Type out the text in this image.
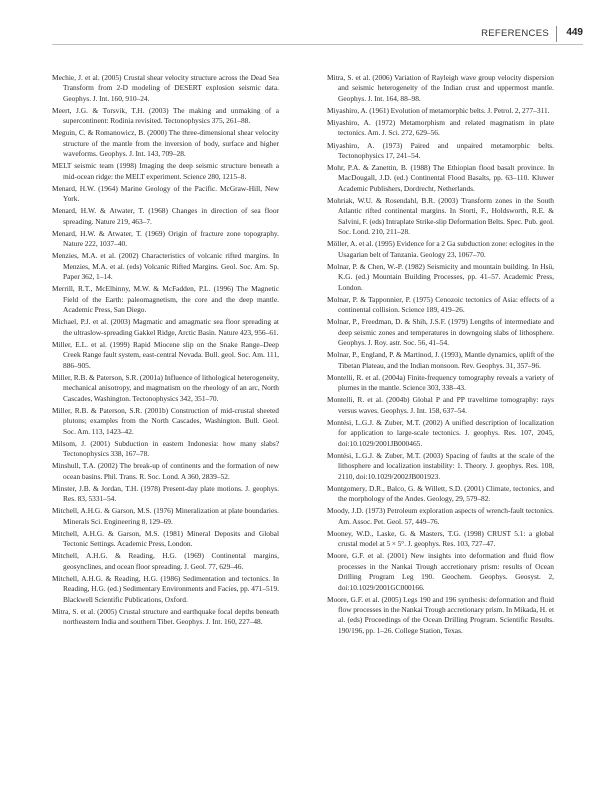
REFERENCES 449

Mechie, J. et al. (2005) Crustal shear velocity structure across the Dead Sea Transform from 2-D modeling of DESERT explosion seismic data. Geophys. J. Int. 160, 910–24.

Meert, J.G. & Torsvik, T.H. (2003) The making and unmaking of a supercontinent: Rodinia revisited. Tectonophysics 375, 261–88.

Meguin, C. & Romanowicz, B. (2000) The three-dimensional shear velocity structure of the mantle from the inversion of body, surface and higher waveforms. Geophys. J. Int. 143, 709–28.

MELT seismic team (1998) Imaging the deep seismic structure beneath a mid-ocean ridge: the MELT experiment. Science 280, 1215–8.

Menard, H.W. (1964) Marine Geology of the Pacific. McGraw-Hill, New York.

Menard, H.W. & Atwater, T. (1968) Changes in direction of sea floor spreading. Nature 219, 463–7.

Menard, H.W. & Atwater, T. (1969) Origin of fracture zone topography. Nature 222, 1037–40.

Menzies, M.A. et al. (2002) Characteristics of volcanic rifted margins. In Menzies, M.A. et al. (eds) Volcanic Rifted Margins. Geol. Soc. Am. Sp. Paper 362, 1–14.

Merrill, R.T., McElhinny, M.W. & McFadden, P.L. (1996) The Magnetic Field of the Earth: paleomagnetism, the core and the deep mantle. Academic Press, San Diego.

Michael, P.J. et al. (2003) Magmatic and amagmatic sea floor spreading at the ultraslow-spreading Gakkel Ridge, Arctic Basin. Nature 423, 956–61.

Miller, E.L. et al. (1999) Rapid Miocene slip on the Snake Range–Deep Creek Range fault system, east-central Nevada. Bull. geol. Soc. Am. 111, 886–905.

Miller, R.B. & Paterson, S.R. (2001a) Influence of lithological heterogeneity, mechanical anisotropy, and magmatism on the rheology of an arc, North Cascades, Washington. Tectonophysics 342, 351–70.

Miller, R.B. & Paterson, S.R. (2001b) Construction of mid-crustal sheeted plutons; examples from the North Cascades, Washington. Bull. Geol. Soc. Am. 113, 1423–42.

Milsom, J. (2001) Subduction in eastern Indonesia: how many slabs? Tectonophysics 338, 167–78.

Minshull, T.A. (2002) The break-up of continents and the formation of new ocean basins. Phil. Trans. R. Soc. Lond. A 360, 2839–52.

Minster, J.B. & Jordan, T.H. (1978) Present-day plate motions. J. geophys. Res. 83, 5331–54.

Mitchell, A.H.G. & Garson, M.S. (1976) Mineralization at plate boundaries. Minerals Sci. Engineering 8, 129–69.

Mitchell, A.H.G. & Garson, M.S. (1981) Mineral Deposits and Global Tectonic Settings. Academic Press, London.

Mitchell, A.H.G. & Reading, H.G. (1969) Continental margins, geosynclines, and ocean floor spreading. J. Geol. 77, 629–46.

Mitchell, A.H.G. & Reading, H.G. (1986) Sedimentation and tectonics. In Reading, H.G. (ed.) Sedimentary Environments and Facies, pp. 471–519. Blackwell Scientific Publications, Oxford.

Mitra, S. et al. (2005) Crustal structure and earthquake focal depths beneath northeastern India and southern Tibet. Geophys. J. Int. 160, 227–48.

Mitra, S. et al. (2006) Variation of Rayleigh wave group velocity dispersion and seismic heterogeneity of the Indian crust and uppermost mantle. Geophys. J. Int. 164, 88–98.

Miyashiro, A. (1961) Evolution of metamorphic belts. J. Petrol. 2, 277–311.

Miyashiro, A. (1972) Metamorphism and related magmatism in plate tectonics. Am. J. Sci. 272, 629–56.

Miyashiro, A. (1973) Paired and unpaired metamorphic belts. Tectonophysics 17, 241–54.

Mohr, P.A. & Zanettin, B. (1988) The Ethiopian flood basalt province. In MacDougall, J.D. (ed.) Continental Flood Basalts, pp. 63–110. Kluwer Academic Publishers, Dordrecht, Netherlands.

Mohriak, W.U. & Rosendahl, B.R. (2003) Transform zones in the South Atlantic rifted continental margins. In Storti, F., Holdsworth, R.E. & Salvini, F. (eds) Intraplate Strike-slip Deformation Belts. Spec. Pub. geol. Soc. Lond. 210, 211–28.

Möller, A. et al. (1995) Evidence for a 2 Ga subduction zone: eclogites in the Usagarian belt of Tanzania. Geology 23, 1067–70.

Molnar, P. & Chen, W.-P. (1982) Seismicity and mountain building. In Hsü, K.G. (ed.) Mountain Building Processes, pp. 41–57. Academic Press, London.

Molnar, P. & Tapponnier, P. (1975) Cenozoic tectonics of Asia: effects of a continental collision. Science 189, 419–26.

Molnar, P., Freedman, D. & Shih, J.S.F. (1979) Lengths of intermediate and deep seismic zones and temperatures in downgoing slabs of lithosphere. Geophys. J. Roy. astr. Soc. 56, 41–54.

Molnar, P., England, P. & Martinod, J. (1993), Mantle dynamics, uplift of the Tibetan Plateau, and the Indian monsoon. Rev. Geophys. 31, 357–96.

Montelli, R. et al. (2004a) Finite-frequency tomography reveals a variety of plumes in the mantle. Science 303, 338–43.

Montelli, R. et al. (2004b) Global P and PP traveltime tomography: rays versus waves. Geophys. J. Int. 158, 637–54.

Montési, L.G.J. & Zuber, M.T. (2002) A unified description of localization for application to large-scale tectonics. J. geophys. Res. 107, 2045, doi:10.1029/2001JB000465.

Montési, L.G.J. & Zuber, M.T. (2003) Spacing of faults at the scale of the lithosphere and localization instability: 1. Theory. J. geophys. Res. 108, 2110, doi:10.1029/2002JB001923.

Montgomery, D.R., Balco, G. & Willett, S.D. (2001) Climate, tectonics, and the morphology of the Andes. Geology, 29, 579–82.

Moody, J.D. (1973) Petroleum exploration aspects of wrench-fault tectonics. Am. Assoc. Pet. Geol. 57, 449–76.

Mooney, W.D., Laske, G. & Masters, T.G. (1998) CRUST 5.1: a global crustal model at 5 × 5°. J. geophys. Res. 103, 727–47.

Moore, G.F. et al. (2001) New insights into deformation and fluid flow processes in the Nankai Trough accretionary prism: results of Ocean Drilling Program Leg 190. Geochem. Geophys. Geosyst. 2, doi:10.1029/2001GC000166.

Moore, G.F. et al. (2005) Legs 190 and 196 synthesis: deformation and fluid flow processes in the Nankai Trough accretionary prism. In Mikada, H. et al. (eds) Proceedings of the Ocean Drilling Program. Scientific Results. 190/196, pp. 1–26. College Station, Texas.
